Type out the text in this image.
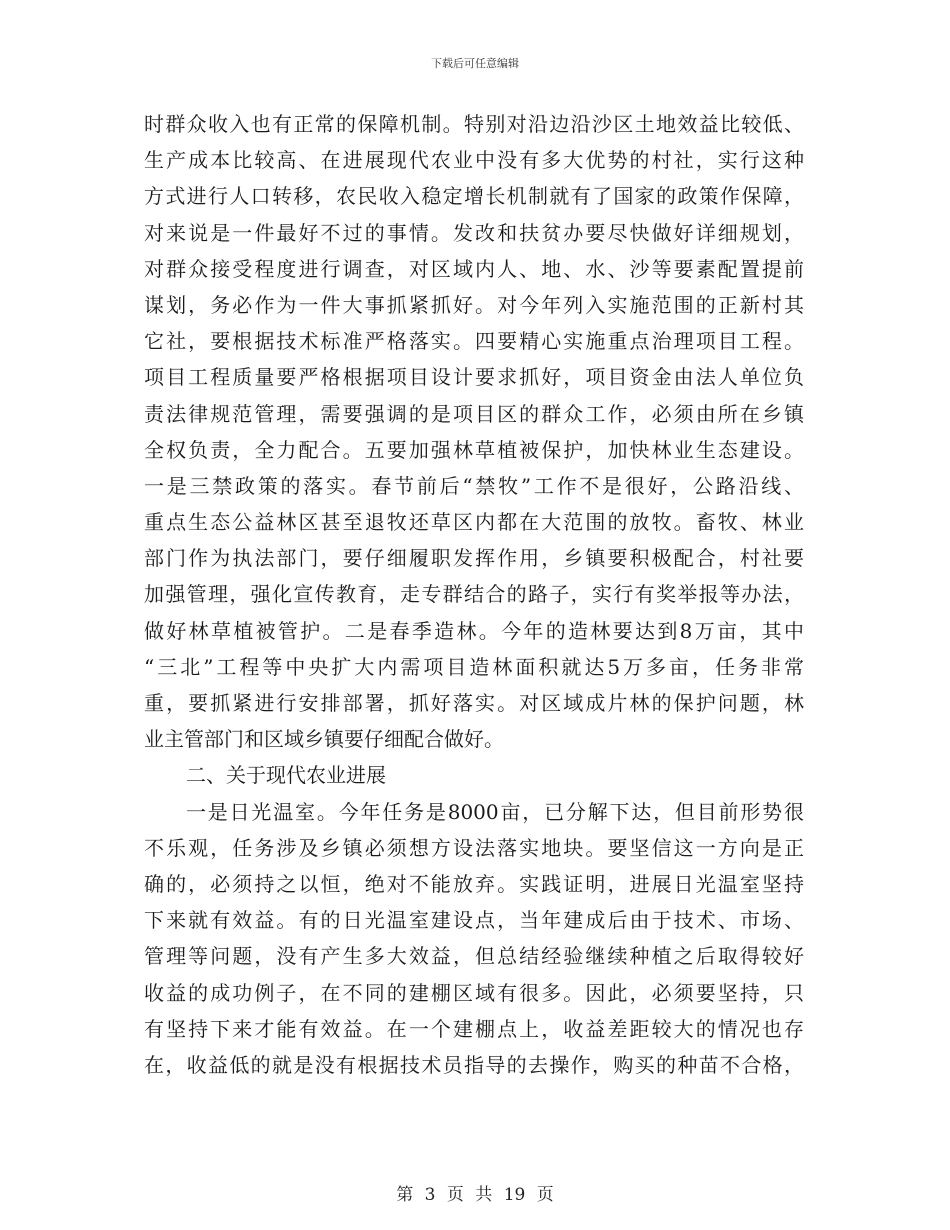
下载后可任意编辑
时群众收入也有正常的保障机制。特别对沿边沿沙区土地效益比较低、
生产成本比较高、在进展现代农业中没有多大优势的村社，实行这种
方式进行人口转移，农民收入稳定增长机制就有了国家的政策作保障，
对来说是一件最好不过的事情。发改和扶贫办要尽快做好详细规划，
对群众接受程度进行调查，对区域内人、地、水、沙等要素配置提前
谋划，务必作为一件大事抓紧抓好。对今年列入实施范围的正新村其
它社，要根据技术标准严格落实。四要精心实施重点治理项目工程。
项目工程质量要严格根据项目设计要求抓好，项目资金由法人单位负
责法律规范管理，需要强调的是项目区的群众工作，必须由所在乡镇
全权负责，全力配合。五要加强林草植被保护，加快林业生态建设。
一是三禁政策的落实。春节前后“禁牧”工作不是很好，公路沿线、
重点生态公益林区甚至退牧还草区内都在大范围的放牧。畜牧、林业
部门作为执法部门，要仔细履职发挥作用，乡镇要积极配合，村社要
加强管理，强化宣传教育，走专群结合的路子，实行有奖举报等办法，
做好林草植被管护。二是春季造林。今年的造林要达到8万亩，其中
“三北”工程等中央扩大内需项目造林面积就达5万多亩，任务非常
重，要抓紧进行安排部署，抓好落实。对区域成片林的保护问题，林
业主管部门和区域乡镇要仔细配合做好。
二、关于现代农业进展
一是日光温室。今年任务是8000亩，已分解下达，但目前形势很
不乐观，任务涉及乡镇必须想方设法落实地块。要坚信这一方向是正
确的，必须持之以恒，绝对不能放弃。实践证明，进展日光温室坚持
下来就有效益。有的日光温室建设点，当年建成后由于技术、市场、
管理等问题，没有产生多大效益，但总结经验继续种植之后取得较好
收益的成功例子，在不同的建棚区域有很多。因此，必须要坚持，只
有坚持下来才能有效益。在一个建棚点上，收益差距较大的情况也存
在，收益低的就是没有根据技术员指导的去操作，购买的种苗不合格，
第 3 页 共 19 页
